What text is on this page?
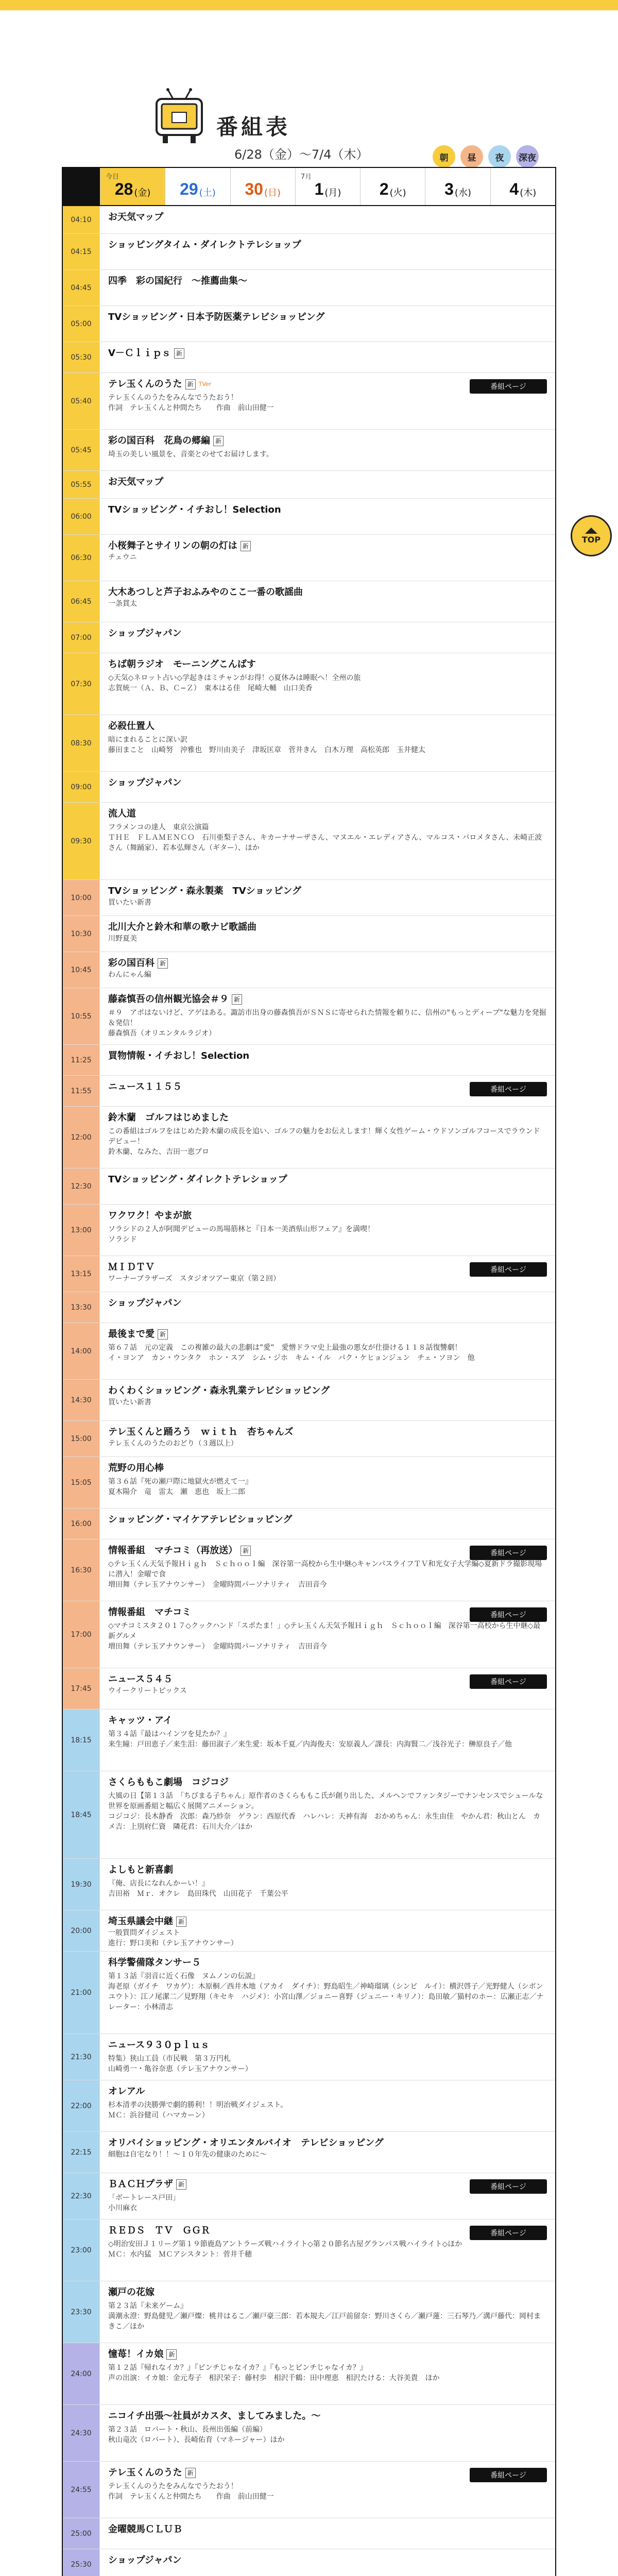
番組表
6/28（金）〜7/4（木）	朝	昼	夜	深夜
今日
28 (金) 29 (土) 30 (日)
7月
1 (月) 2 (火) 3 (水) 4 (木)
04:10	お天気マップ
04:15
ショッピングタイム・ダイレクトテレショップ
04:45
四季　彩の国紀行　〜推薦曲集〜
05:00
TVショッピング・日本予防医薬テレビショッピング
05:30	V－Ｃｌｉｐｓ 新
05:40
テレ玉くんのうた 新 TVer
テレ玉くんのうたをみんなでうたおう！
作詞　テレ玉くんと仲間たち　　作曲　前山田健一
番組ページ
05:45
彩の国百科　花鳥の郷編 新
埼玉の美しい風景を、音楽とのせてお届けします。
05:55	お天気マップ
06:00
TVショッピング・イチおし！Selection
06:30
小桜舞子とサイリンの朝の灯は 新
チェウニ
06:45
大木あつしと芦子おふみやのここ一番の歌謡曲
一条貫太
07:00	ショップジャパン
07:30
ちば朝ラジオ　モーニングこんばす
◇天気◇ネロット占い◇学起きはミチャンがお得！◇夏休みは睡眠へ！全州の旅
志賀統一（Ａ、Ｂ、Ｃ−Ｚ）　東本はる佳　尾崎大輔　山口美香
08:30
必殺仕置人
暗にまれることに深い訳
藤田まこと　山崎努　沖雅也　野川由美子　津坂匡章　菅井きん　白木万理　高松英郎　玉井健太
09:00	ショップジャパン
09:30
流人道
フラメンコの達人　東京公演篇
ＴＨＥ　ＦＬＡＭＥＮＣＯ　石川亜梨子さん、キカーナサーザさん、マヌエル・エレディアさん、マルコス・バロメタさん、未崎正波さん（舞踊家）、若本弘輝さん（ギター）、ほか
10:00
TVショッピング・森永製薬　TVショッピング
買いたい新書
10:30
北川大介と鈴木和華の歌ナビ歌謡曲
川野夏美
10:45
彩の国百科 新
わんにゃん編
10:55
藤森慎吾の信州観光協会＃９ 新
＃９　アポはないけど、アゲはある。諏訪市出身の藤森慎吾がＳＮＳに寄せられた情報を頼りに、信州の"もっとディープ"な魅力を発掘＆発信！
藤森慎吾（オリエンタルラジオ）
11:25	買物情報・イチおし！Selection
11:55	ニュース１１５５	番組ページ
12:00
鈴木蘭　ゴルフはじめました
この番組はゴルフをはじめた鈴木蘭の成長を追い、ゴルフの魅力をお伝えします！輝く女性ゲーム・ウドソンゴルフコースでラウンドデビュー！
鈴木蘭、なみた、吉田一恵プロ
12:30
TVショッピング・ダイレクトテレショップ
13:00
ワクワク！やまが旅
ソラシドの２人が阿聞デビューの馬場筋林と『日本一美酒県山形フェア』を満喫！
ソラシド
13:15
ＭＩＤＴＶ
ワーナーブラザーズ　スタジオツアー東京（第２回）
番組ページ
13:30	ショップジャパン
14:00
最後まで愛 新
第６７話　元の定義　この複雑の最大の悲劇は”愛”　愛憎ドラマ史上最強の悪女が仕掛ける１１８話復讐劇！
イ・ヨンア　カン・ウンタク　ホン・スア　シム・ジホ　キム・イル　パク・ケヒョンジュン　チェ・ソヨン　他
14:30
わくわくショッピング・森永乳業テレビショッピング
買いたい新書
15:00
テレ玉くんと踊ろう　ｗｉｔｈ　杏ちゃんズ
テレ玉くんのうたのおどり（３週以上）
15:05
荒野の用心棒
第３６話『死の瀬戸際に地獄火が燃えて一』
夏木陽介　竜　雷太　瀬　恵也　坂上二郎
16:00	ショッピング・マイケアテレビショッピング
16:30
情報番組　マチコミ（再放送） 新
◇テレ玉くん天気予報Ｈｉｇｈ　Ｓｃｈｏｏｌ編　深谷第一高校から生中継◇キャンパスライフＴＶ和光女子大学編◇夏新ドラ撮影現場に潜入！金曜で食
増田舞（テレ玉アナウンサー）　金曜時間パーソナリティ　吉田音今
番組ページ
17:00
情報番組　マチコミ
◇マチコミスタ２０１７◇クックハンド「スポたま！」◇テレ玉くん天気予報Ｈｉｇｈ　Ｓｃｈｏｏｌ編　深谷第一高校から生中継◇最新グルメ
増田舞（テレ玉アナウンサー）　金曜時間パーソナリティ　吉田音今
番組ページ
17:45
ニュース５４５
ウイークリートピックス
番組ページ
18:15
キャッツ・アイ
第３４話『最はハインツを見たか？』
来生瞳：戸田恵子／来生泪：藤田淑子／来生愛：坂本千夏／内海俊夫：安原義人／課長：内海賢二／浅谷光子：榊原良子／他
18:45
さくらももこ劇場　コジコジ
大風の日【第１３話　「ちびまる子ちゃん」原作者のさくらももこ氏が創り出した、メルヘンでファンタジーでナンセンスでシュールな世界を原画番組と幅広く展開アニメーション。
コジコジ：長木静香　次郎：森乃紗奈　ゲラン：西原代香　ハレハレ：天神有海　おかめちゃん：永生由佳　やかん君：秋山とん　カメ吉：上別府仁資　隣花君：石川大介／ほか
19:30
よしもと新喜劇
『俺、店長になれんかーい！』
吉田裕　Ｍｒ．オクレ　島田珠代　山田花子　千葉公平
20:00
埼玉県議会中継 新
一般質問ダイジェスト
進行：野口美和（テレ玉アナウンサー）
21:00
科学警備隊タンサー５
第１３話『羽音に近く石像　ヌムノンの伝説』
海老原（ガイチ　ワカゲ）：木原桐／西井木地（アカイ　ダイチ）：野島昭生／神崎瑠璃（シンビ　ルイ）：横沢啓子／光野健人（シボン　ユウト）：江ノ尾潔二／見野翔（キセキ　ハジメ）：小宮山澤／ジョニー喜野（ジュニー・キリノ）：島田敏／猫村のホー：広瀬正志／ナレーター：小林清志
21:30
ニュース９３０ｐｌｕｓ
特集）狭山工員（市民戦　第３万円札
山崎勇一・亀谷奈恵（テレ玉アナウンサー）
22:00
オレアル
杉本清孝の決勝弾で劇的勝利！！明治戦ダイジェスト。
ＭＣ：浜谷健司（ハマカーン）
22:15
オリバイショッピング・オリエンタルバイオ　テレビショッピング
細胞は自宅なり！！〜１０年先の健康のために〜
22:30
ＢＡＣＨプラザ 新
「ボートレース戸田」
小川麻衣
番組ページ
23:00
ＲＥＤＳ　ＴＶ　ＧＧＲ
◇明治安田Ｊ１リーグ第１９節鹿島アントラーズ戦ハイライト◇第２０節名古屋グランパス戦ハイライト◇ほか
ＭＣ：水内猛　ＭＣアシスタント：菅井千穂
番組ページ
23:30
瀬戸の花嫁
第２３話『未来ゲーム』
満潮永澄：野島健児／瀬戸燦：桃井はるこ／瀬戸豪三郎：若本規夫／江戸前留奈：野川さくら／瀬戸蓮：三石琴乃／溝戸藤代：岡村まきこ／ほか
24:00
憧苺！イカ娘 新
第１２話『帰れなイカ？』『ピンチじゃなイカ？』『もっとピンチじゃなイカ？』
声の出演：イカ娘：金元寿子　相沢栄子：藤村歩　相沢千鶴：田中理恵　相沢たける：大谷美貴　ほか
24:30
ニコイチ出張〜社員がカスタ、ましてみました。〜
第２３話　ロバート・秋山、長州出張編（前編）
秋山竜次（ロバート）、長崎佑育（マネージャー）ほか
24:55
テレ玉くんのうた 新
テレ玉くんのうたをみんなでうたおう！
作詞　テレ玉くんと仲間たち　　作曲　前山田健一
番組ページ
25:00	金曜競馬ＣＬＵＢ
25:30	ショップジャパン
TOP
